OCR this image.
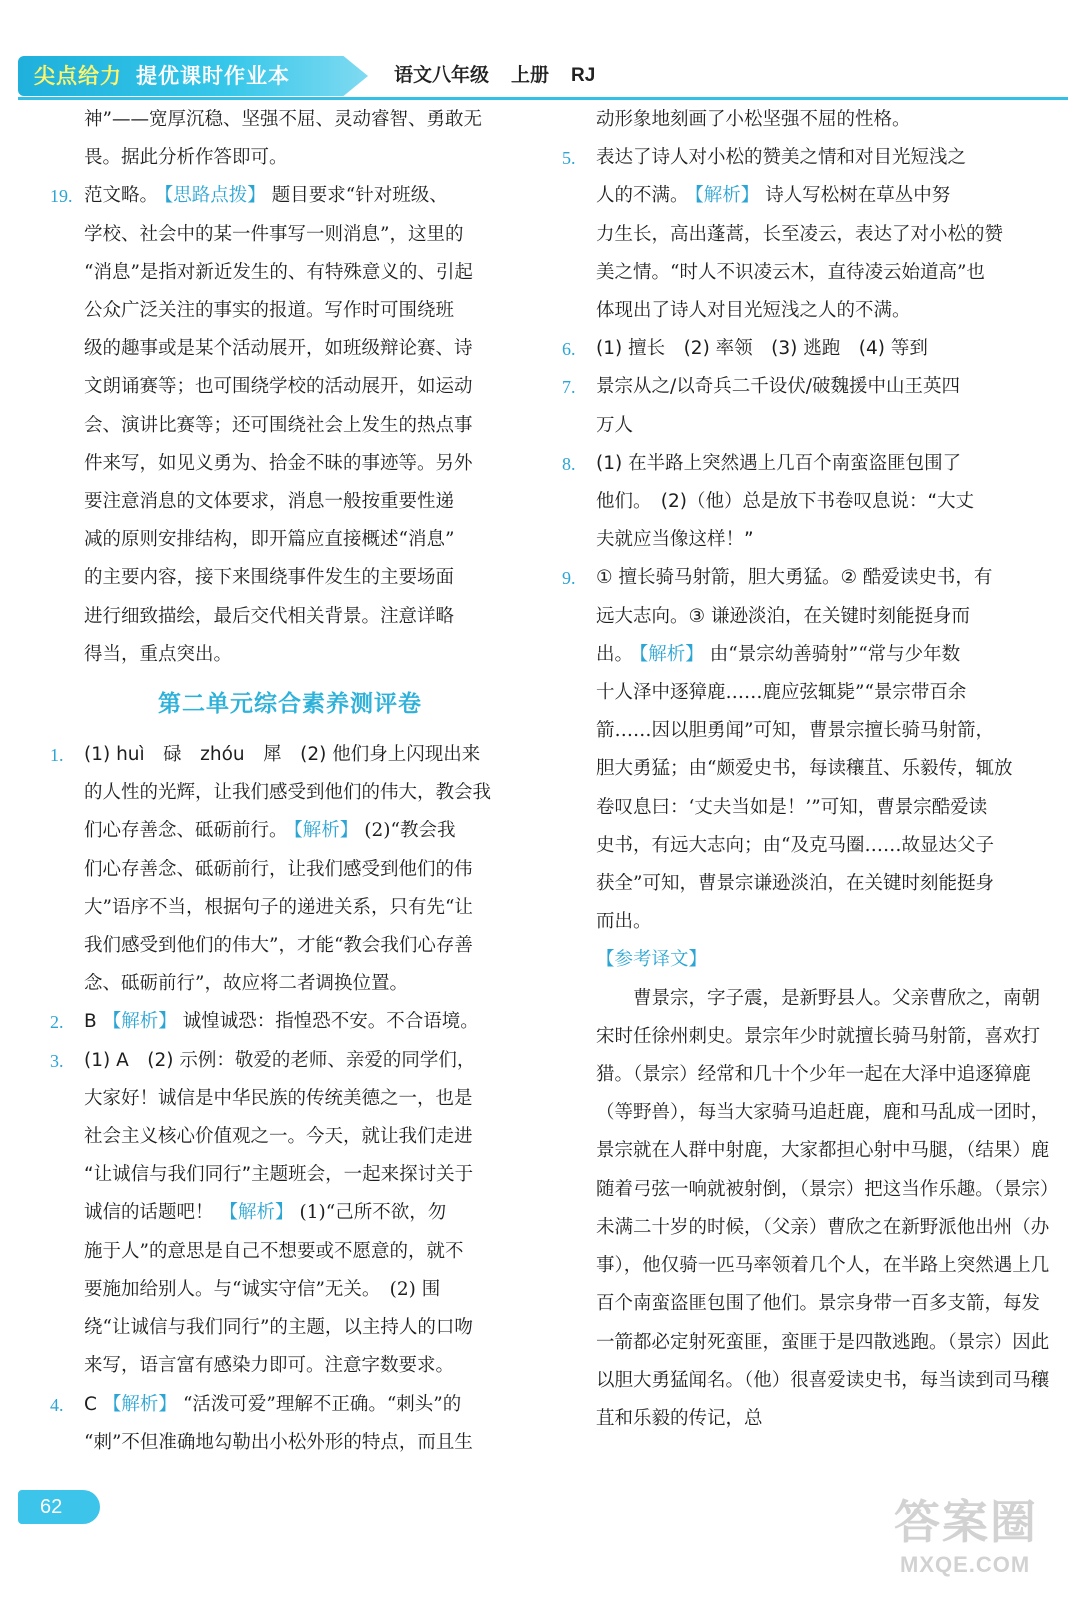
尖点给力 提优课时作业本	语文八年级 上册 RJ
神”——宽厚沉稳、坚强不屈、灵动睿智、勇敢无
畏。据此分析作答即可。
19. 范文略。 【思路点拨】 题目要求“针对班级、
学校、社会中的某一件事写一则消息”，这里的
“消息”是指对新近发生的、有特殊意义的、引起
公众广泛关注的事实的报道。写作时可围绕班
级的趣事或是某个活动展开，如班级辩论赛、诗
文朗诵赛等；也可围绕学校的活动展开，如运动
会、演讲比赛等；还可围绕社会上发生的热点事
件来写，如见义勇为、拾金不昧的事迹等。另外
要注意消息的文体要求，消息一般按重要性递
减的原则安排结构，即开篇应直接概述“消息”
的主要内容，接下来围绕事件发生的主要场面
进行细致描绘，最后交代相关背景。注意详略
得当，重点突出。
第二单元综合素养测评卷
1. (1) huì　碌　zhóu　犀　(2) 他们身上闪现出来
的人性的光辉，让我们感受到他们的伟大，教会我
们心存善念、砥砺前行。 【解析】 (2)“教会我
们心存善念、砥砺前行，让我们感受到他们的伟
大”语序不当，根据句子的递进关系，只有先“让
我们感受到他们的伟大”，才能“教会我们心存善
念、砥砺前行”，故应将二者调换位置。
2. B 【解析】 诚惶诚恐：指惶恐不安。不合语境。
3. (1) A　(2) 示例：敬爱的老师、亲爱的同学们，
大家好！诚信是中华民族的传统美德之一，也是
社会主义核心价值观之一。今天，就让我们走进
“让诚信与我们同行”主题班会，一起来探讨关于
诚信的话题吧！ 【解析】 (1)“己所不欲，勿
施于人”的意思是自己不想要或不愿意的，就不
要施加给别人。与“诚实守信”无关。　(2) 围
绕“让诚信与我们同行”的主题，以主持人的口吻
来写，语言富有感染力即可。注意字数要求。
4. C 【解析】 “活泼可爱”理解不正确。“刺头”的
“刺”不但准确地勾勒出小松外形的特点，而且生
动形象地刻画了小松坚强不屈的性格。
5. 表达了诗人对小松的赞美之情和对目光短浅之
人的不满。 【解析】 诗人写松树在草丛中努
力生长，高出蓬蒿，长至凌云，表达了对小松的赞
美之情。“时人不识凌云木，直待凌云始道高”也
体现出了诗人对目光短浅之人的不满。
6. (1) 擅长　(2) 率领　(3) 逃跑　(4) 等到
7. 景宗从之/以奇兵二千设伏/破魏援中山王英四
万人
8. (1) 在半路上突然遇上几百个南蛮盗匪包围了
他们。　(2)（他）总是放下书卷叹息说：“大丈
夫就应当像这样！”
9. ① 擅长骑马射箭，胆大勇猛。② 酷爱读史书，有
远大志向。③ 谦逊淡泊，在关键时刻能挺身而
出。 【解析】 由“景宗幼善骑射”“常与少年数
十人泽中逐獐鹿……鹿应弦辄毙”“景宗带百余
箭……因以胆勇闻”可知，曹景宗擅长骑马射箭，
胆大勇猛；由“颇爱史书，每读穰苴、乐毅传，辄放
卷叹息曰：‘丈夫当如是！’”可知，曹景宗酷爱读
史书，有远大志向；由“及克马圈……故显达父子
获全”可知，曹景宗谦逊淡泊，在关键时刻能挺身
而出。
【参考译文】
曹景宗，字子震，是新野县人。父亲曹欣之，南朝宋时任徐州刺史。景宗年少时就擅长骑马射箭，喜欢打猎。（景宗）经常和几十个少年一起在大泽中追逐獐鹿（等野兽），每当大家骑马追赶鹿，鹿和马乱成一团时，景宗就在人群中射鹿，大家都担心射中马腿，（结果）鹿随着弓弦一响就被射倒，（景宗）把这当作乐趣。（景宗）未满二十岁的时候，（父亲）曹欣之在新野派他出州（办事），他仅骑一匹马率领着几个人，在半路上突然遇上几百个南蛮盗匪包围了他们。景宗身带一百多支箭，每发一箭都必定射死蛮匪，蛮匪于是四散逃跑。（景宗）因此以胆大勇猛闻名。（他）很喜爱读史书，每当读到司马穰苴和乐毅的传记，总
62	答案圈
MXQE.COM
